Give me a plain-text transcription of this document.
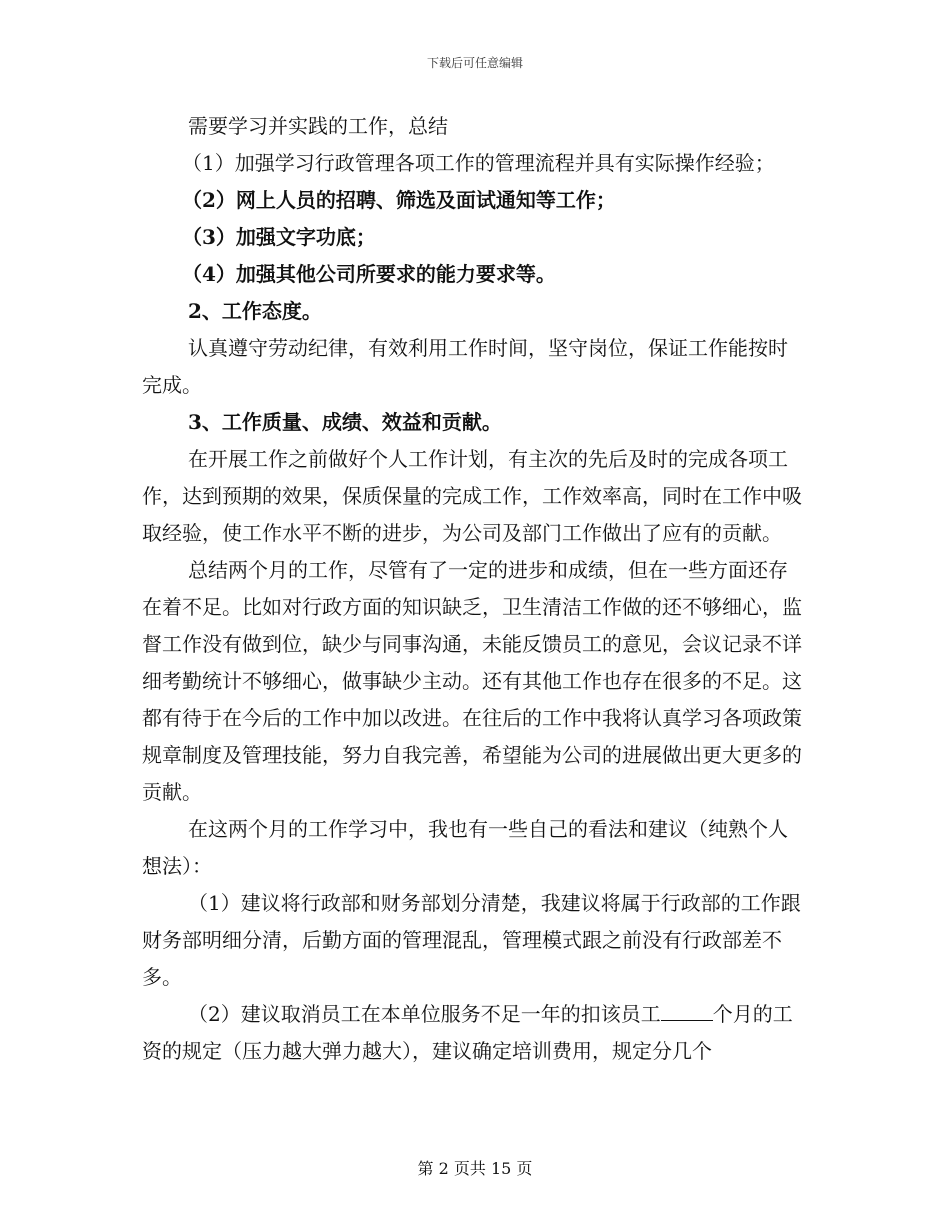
下载后可任意编辑

需要学习并实践的工作，总结

（1）加强学习行政管理各项工作的管理流程并具有实际操作经验；

（2）网上人员的招聘、筛选及面试通知等工作；

（3）加强文字功底；

（4）加强其他公司所要求的能力要求等。

2、工作态度。

认真遵守劳动纪律，有效利用工作时间，坚守岗位，保证工作能按时完成。

3、工作质量、成绩、效益和贡献。

在开展工作之前做好个人工作计划，有主次的先后及时的完成各项工作，达到预期的效果，保质保量的完成工作，工作效率高，同时在工作中吸取经验，使工作水平不断的进步，为公司及部门工作做出了应有的贡献。

总结两个月的工作，尽管有了一定的进步和成绩，但在一些方面还存在着不足。比如对行政方面的知识缺乏，卫生清洁工作做的还不够细心，监督工作没有做到位，缺少与同事沟通，未能反馈员工的意见，会议记录不详细考勤统计不够细心，做事缺少主动。还有其他工作也存在很多的不足。这都有待于在今后的工作中加以改进。在往后的工作中我将认真学习各项政策规章制度及管理技能，努力自我完善，希望能为公司的进展做出更大更多的贡献。

在这两个月的工作学习中，我也有一些自己的看法和建议（纯熟个人想法）：

（1）建议将行政部和财务部划分清楚，我建议将属于行政部的工作跟财务部明细分清，后勤方面的管理混乱，管理模式跟之前没有行政部差不多。

（2）建议取消员工在本单位服务不足一年的扣该员工	个月的工资的规定（压力越大弹力越大），建议确定培训费用，规定分几个

第 2 页共 15 页
